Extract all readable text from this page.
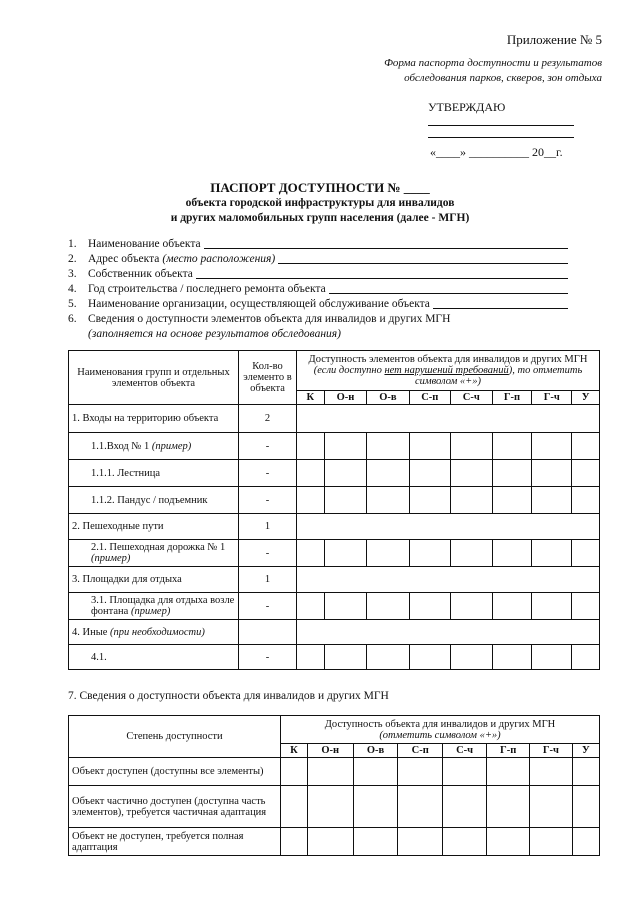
Приложение № 5
Форма паспорта доступности и результатов
обследования парков, скверов, зон отдыха
УТВЕРЖДАЮ
«____» __________ 20__г.
ПАСПОРТ ДОСТУПНОСТИ № ____
объекта городской инфраструктуры для инвалидов
и других маломобильных групп населения (далее - МГН)
1. Наименование объекта
2. Адрес объекта (место расположения)
3. Собственник объекта
4. Год строительства / последнего ремонта объекта
5. Наименование организации, осуществляющей обслуживание объекта
6. Сведения о доступности элементов объекта для инвалидов и других МГН
(заполняется на основе результатов обследования)
Наименования групп и отдельных элементов объекта	Кол-во элементо в объекта	Доступность элементов объекта для инвалидов и других МГН (если доступно нет нарушений требований), то отметить символом «+»)							
		К	О-н	О-в	С-п	С-ч	Г-п	Г-ч	У
1. Входы на территорию объекта	2								
1.1.Вход № 1 (пример)	-								
1.1.1. Лестница	-								
1.1.2. Пандус / подъемник	-								
2. Пешеходные пути	1								
2.1. Пешеходная дорожка № 1 (пример)	-								
3. Площадки для отдыха	1								
3.1. Площадка для отдыха возле фонтана (пример)	-								
4. Иные (при необходимости)									
4.1.	-								
7. Сведения о доступности объекта для инвалидов и других МГН
Степень доступности	Доступность объекта для инвалидов и других МГН
(отметить символом «+»)							
	К	О-н	О-в	С-п	С-ч	Г-п	Г-ч	У
Объект доступен (доступны все элементы)								
Объект частично доступен (доступна часть элементов), требуется частичная адаптация								
Объект не доступен, требуется полная адаптация								
